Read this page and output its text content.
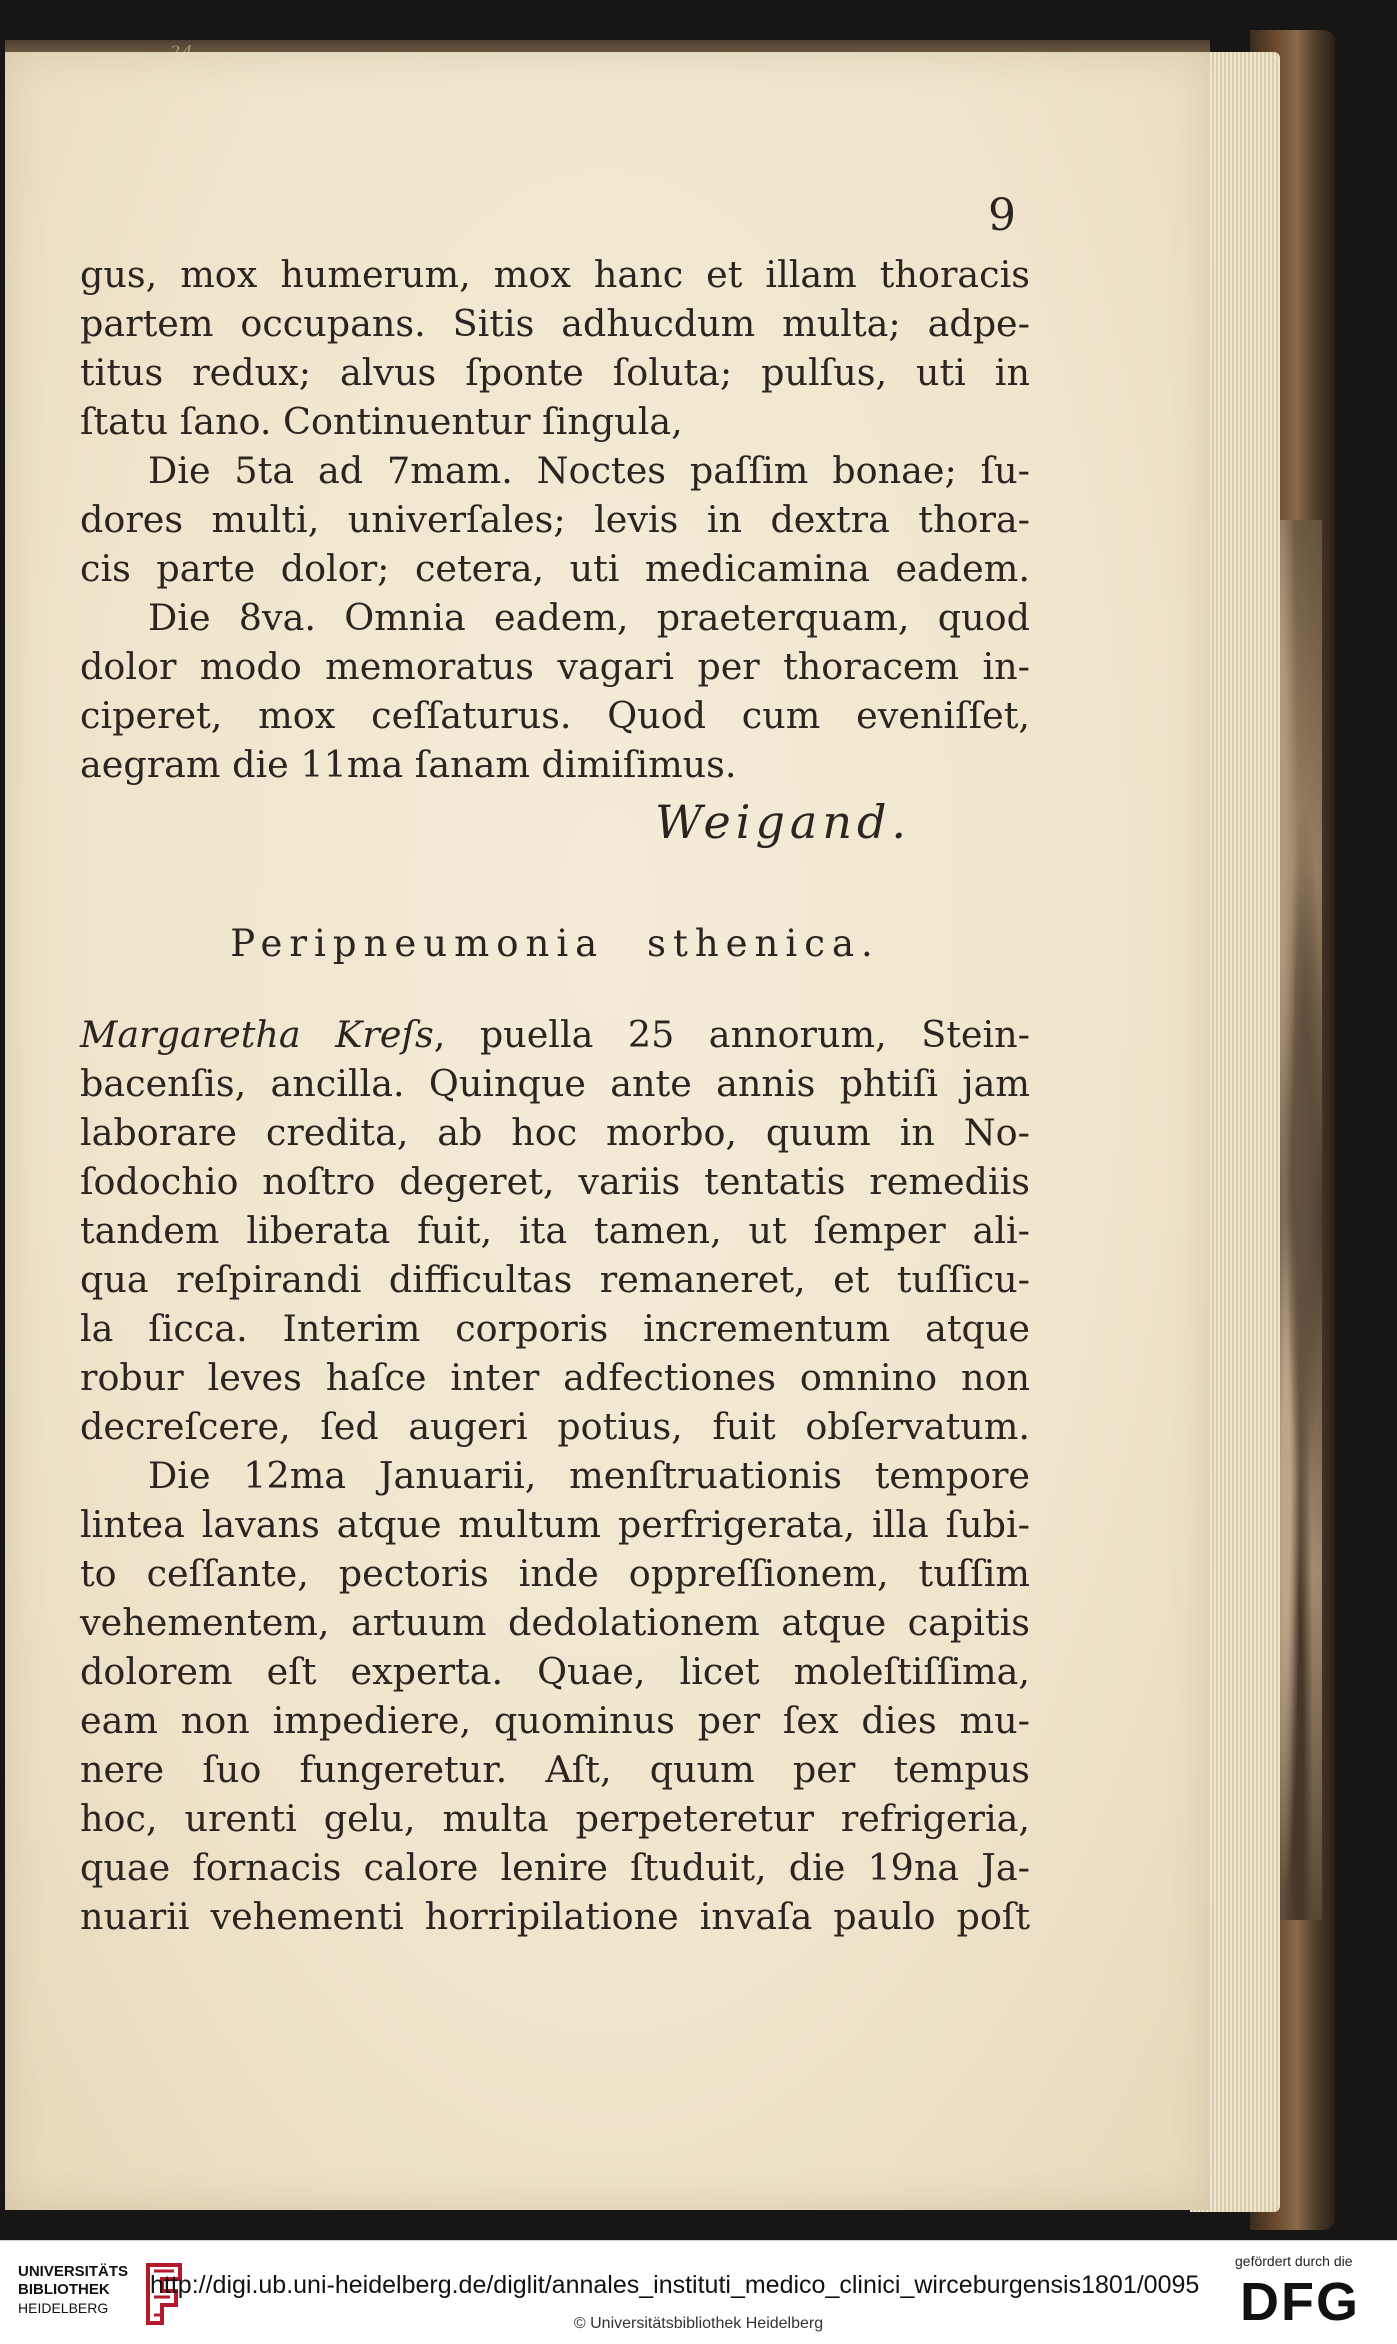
9
gus, mox humerum, mox hanc et illam thoracis
partem occupans. Sitis adhucdum multa; adpe-
titus redux; alvus ſponte ſoluta; pulſus, uti in
ſtatu ſano. Continuentur ſingula,
Die 5ta ad 7mam. Noctes paſſim bonae; ſu-
dores multi, univerſales; levis in dextra thora-
cis parte dolor; cetera, uti medicamina eadem.
Die 8va. Omnia eadem, praeterquam, quod
dolor modo memoratus vagari per thoracem in-
ciperet, mox ceſſaturus. Quod cum eveniſſet,
aegram die 11ma ſanam dimiſimus.
Weigand.
Peripneumonia sthenica.
Margaretha Kreſs, puella 25 annorum, Stein-
bacenſis, ancilla. Quinque ante annis phtiſi jam
laborare credita, ab hoc morbo, quum in No-
ſodochio noſtro degeret, variis tentatis remediis
tandem liberata fuit, ita tamen, ut ſemper ali-
qua reſpirandi difficultas remaneret, et tuſſicu-
la ſicca. Interim corporis incrementum atque
robur leves haſce inter adfectiones omnino non
decreſcere, ſed augeri potius, fuit obſervatum.
Die 12ma Januarii, menſtruationis tempore
lintea lavans atque multum perfrigerata, illa ſubi-
to ceſſante, pectoris inde oppreſſionem, tuſſim
vehementem, artuum dedolationem atque capitis
dolorem eſt experta. Quae, licet moleſtiſſima,
eam non impediere, quominus per ſex dies mu-
nere ſuo fungeretur. Aſt, quum per tempus
hoc, urenti gelu, multa perpeteretur refrigeria,
quae fornacis calore lenire ſtuduit, die 19na Ja-
nuarii vehementi horripilatione invaſa paulo poſt
UNIVERSITÄTS
BIBLIOTHEK
HEIDELBERG
http://digi.ub.uni-heidelberg.de/diglit/annales_instituti_medico_clinici_wirceburgensis1801/0095
© Universitätsbibliothek Heidelberg
gefördert durch die
DFG
